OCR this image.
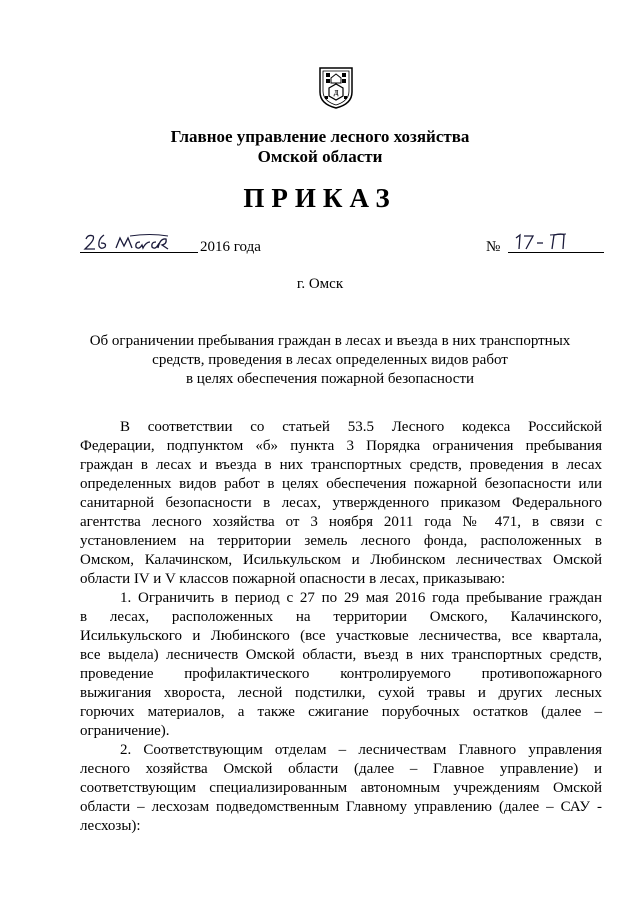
Д
Главное управление лесного хозяйства
Омской области
ПРИКАЗ
2016 года	№
г. Омск
Об ограничении пребывания граждан в лесах и въезда в них транспортных
средств, проведения в лесах определенных видов работ
в целях обеспечения пожарной безопасности
В соответствии со статьей 53.5 Лесного кодекса Российской
Федерации, подпунктом «б» пункта 3 Порядка ограничения пребывания
граждан в лесах и въезда в них транспортных средств, проведения в лесах
определенных видов работ в целях обеспечения пожарной безопасности или
санитарной безопасности в лесах, утвержденного приказом Федерального
агентства лесного хозяйства от 3 ноября 2011 года № 471, в связи с
установлением на территории земель лесного фонда, расположенных в
Омском, Калачинском, Исилькульском и Любинском лесничествах Омской
области IV и V классов пожарной опасности в лесах, приказываю:
1. Ограничить в период с 27 по 29 мая 2016 года пребывание граждан
в лесах, расположенных на территории Омского, Калачинского,
Исилькульского и Любинского (все участковые лесничества, все квартала,
все выдела) лесничеств Омской области, въезд в них транспортных средств,
проведение профилактического контролируемого противопожарного
выжигания хвороста, лесной подстилки, сухой травы и других лесных
горючих материалов, а также сжигание порубочных остатков (далее –
ограничение).
2. Соответствующим отделам – лесничествам Главного управления
лесного хозяйства Омской области (далее – Главное управление) и
соответствующим специализированным автономным учреждениям Омской
области – лесхозам подведомственным Главному управлению (далее – САУ -
лесхозы):
